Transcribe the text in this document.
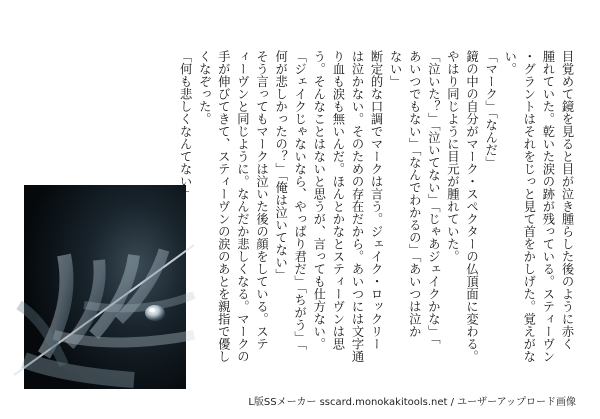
目覚めて鏡を見ると目が泣き腫らした後のように赤く
腫れていた。乾いた涙の跡が残っている。スティーヴン
・グラントはそれをじっと見て首をかしげた。覚えがな
い。
「マーク」「なんだ」
鏡の中の自分がマーク・スペクターの仏頂面に変わる。
やはり同じように目元が腫れていた。
「泣いた？」「泣いてない」「じゃあジェイクかな」「
あいつでもない」「なんでわかるの」「あいつは泣か
ない」
断定的な口調でマークは言う。ジェイク・ロックリー
は泣かない。そのための存在だから。あいつには文字通
り血も涙も無いんだ。ほんとかなとスティーヴンは思
う。そんなことはないと思うが、言っても仕方ない。
「ジェイクじゃないなら、やっぱり君だ」「ちがう」「
何が悲しかったの？」「俺は泣いてない」
そう言ってもマークは泣いた後の顔をしている。ステ
ィーヴンと同じように。なんだか悲しくなる。マークの
手が伸びてきて、スティーヴンの涙のあとを親指で優し
くなぞった。
「何も悲しくなんてない」
L版SSメーカー sscard.monokakitools.net / ユーザーアップロード画像
